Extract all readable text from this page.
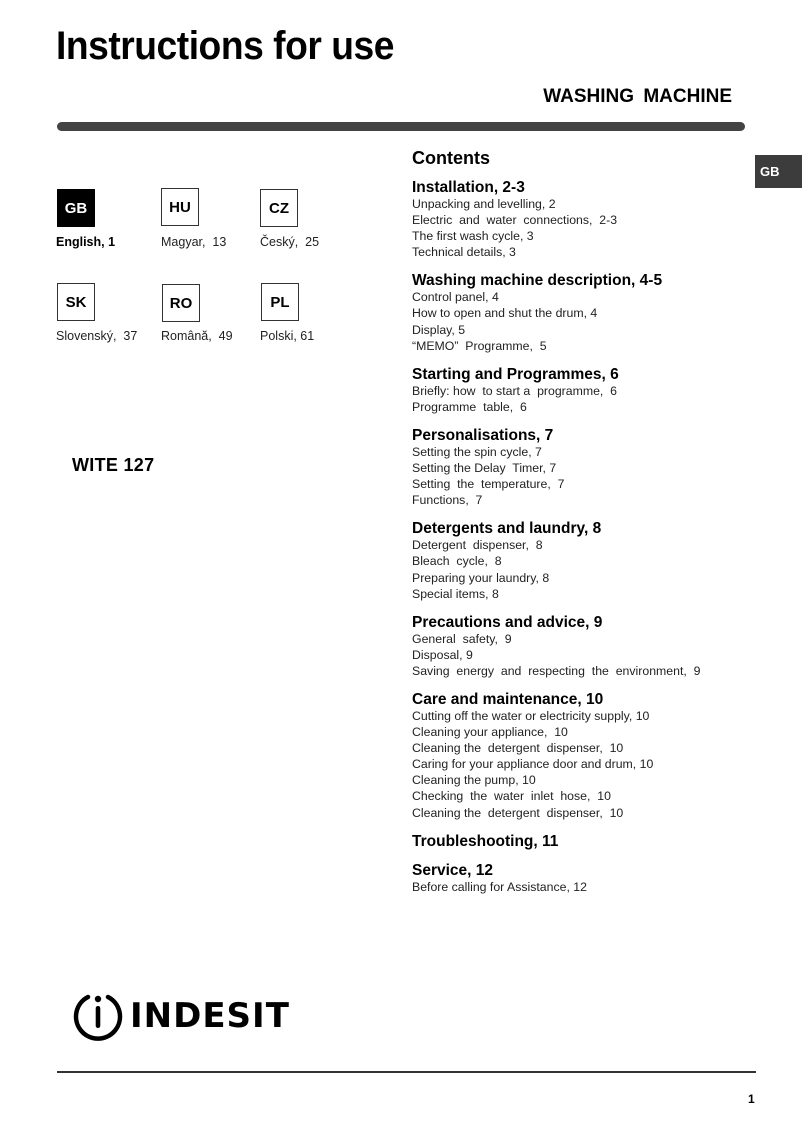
Instructions for use
WASHING MACHINE
GB
GB
English, 1
HU
Magyar,  13
CZ
Český,  25
SK
Slovenský,  37
RO
Română,  49
PL
Polski, 61
WITE 127
Contents
Installation, 2-3
Unpacking and levelling, 2
Electric  and  water  connections,  2-3
The first wash cycle, 3
Technical details, 3
Washing machine description, 4-5
Control panel, 4
How to open and shut the drum, 4
Display, 5
“MEMO”  Programme,  5
Starting and Programmes, 6
Briefly: how  to start a  programme,  6
Programme  table,  6
Personalisations, 7
Setting the spin cycle, 7
Setting the Delay  Timer, 7
Setting  the  temperature,  7
Functions,  7
Detergents and laundry, 8
Detergent  dispenser,  8
Bleach  cycle,  8
Preparing your laundry, 8
Special items, 8
Precautions and advice, 9
General  safety,  9
Disposal, 9
Saving  energy  and  respecting  the  environment,  9
Care and maintenance, 10
Cutting off the water or electricity supply, 10
Cleaning your appliance,  10
Cleaning the  detergent  dispenser,  10
Caring for your appliance door and drum, 10
Cleaning the pump, 10
Checking  the  water  inlet  hose,  10
Cleaning the  detergent  dispenser,  10
Troubleshooting, 11
Service, 12
Before calling for Assistance, 12
INDESIT
1
